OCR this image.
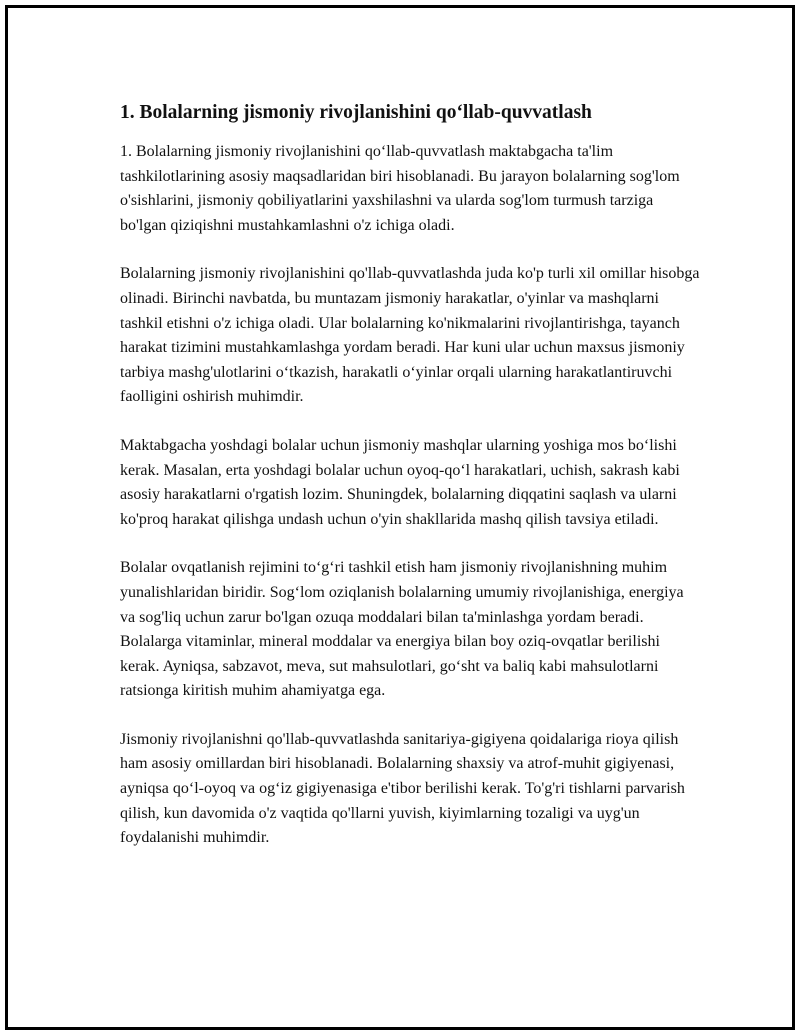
1. Bolalarning jismoniy rivojlanishini qo‘llab-quvvatlash

1. Bolalarning jismoniy rivojlanishini qo‘llab-quvvatlash maktabgacha ta'lim tashkilotlarining asosiy maqsadlaridan biri hisoblanadi. Bu jarayon bolalarning sog'lom o'sishlarini, jismoniy qobiliyatlarini yaxshilashni va ularda sog'lom turmush tarziga bo'lgan qiziqishni mustahkamlashni o'z ichiga oladi.

Bolalarning jismoniy rivojlanishini qo'llab-quvvatlashda juda ko'p turli xil omillar hisobga olinadi. Birinchi navbatda, bu muntazam jismoniy harakatlar, o'yinlar va mashqlarni tashkil etishni o'z ichiga oladi. Ular bolalarning ko'nikmalarini rivojlantirishga, tayanch harakat tizimini mustahkamlashga yordam beradi. Har kuni ular uchun maxsus jismoniy tarbiya mashg'ulotlarini o‘tkazish, harakatli o‘yinlar orqali ularning harakatlantiruvchi faolligini oshirish muhimdir.

Maktabgacha yoshdagi bolalar uchun jismoniy mashqlar ularning yoshiga mos bo‘lishi kerak. Masalan, erta yoshdagi bolalar uchun oyoq-qo‘l harakatlari, uchish, sakrash kabi asosiy harakatlarni o'rgatish lozim. Shuningdek, bolalarning diqqatini saqlash va ularni ko'proq harakat qilishga undash uchun o'yin shakllarida mashq qilish tavsiya etiladi.

Bolalar ovqatlanish rejimini to‘g‘ri tashkil etish ham jismoniy rivojlanishning muhim yunalishlaridan biridir. Sog‘lom oziqlanish bolalarning umumiy rivojlanishiga, energiya va sog'liq uchun zarur bo'lgan ozuqa moddalari bilan ta'minlashga yordam beradi. Bolalarga vitaminlar, mineral moddalar va energiya bilan boy oziq-ovqatlar berilishi kerak. Ayniqsa, sabzavot, meva, sut mahsulotlari, go‘sht va baliq kabi mahsulotlarni ratsionga kiritish muhim ahamiyatga ega.

Jismoniy rivojlanishni qo'llab-quvvatlashda sanitariya-gigiyena qoidalariga rioya qilish ham asosiy omillardan biri hisoblanadi. Bolalarning shaxsiy va atrof-muhit gigiyenasi, ayniqsa qo‘l-oyoq va og‘iz gigiyenasiga e'tibor berilishi kerak. To'g'ri tishlarni parvarish qilish, kun davomida o'z vaqtida qo'llarni yuvish, kiyimlarning tozaligi va uyg'un foydalanishi muhimdir.
